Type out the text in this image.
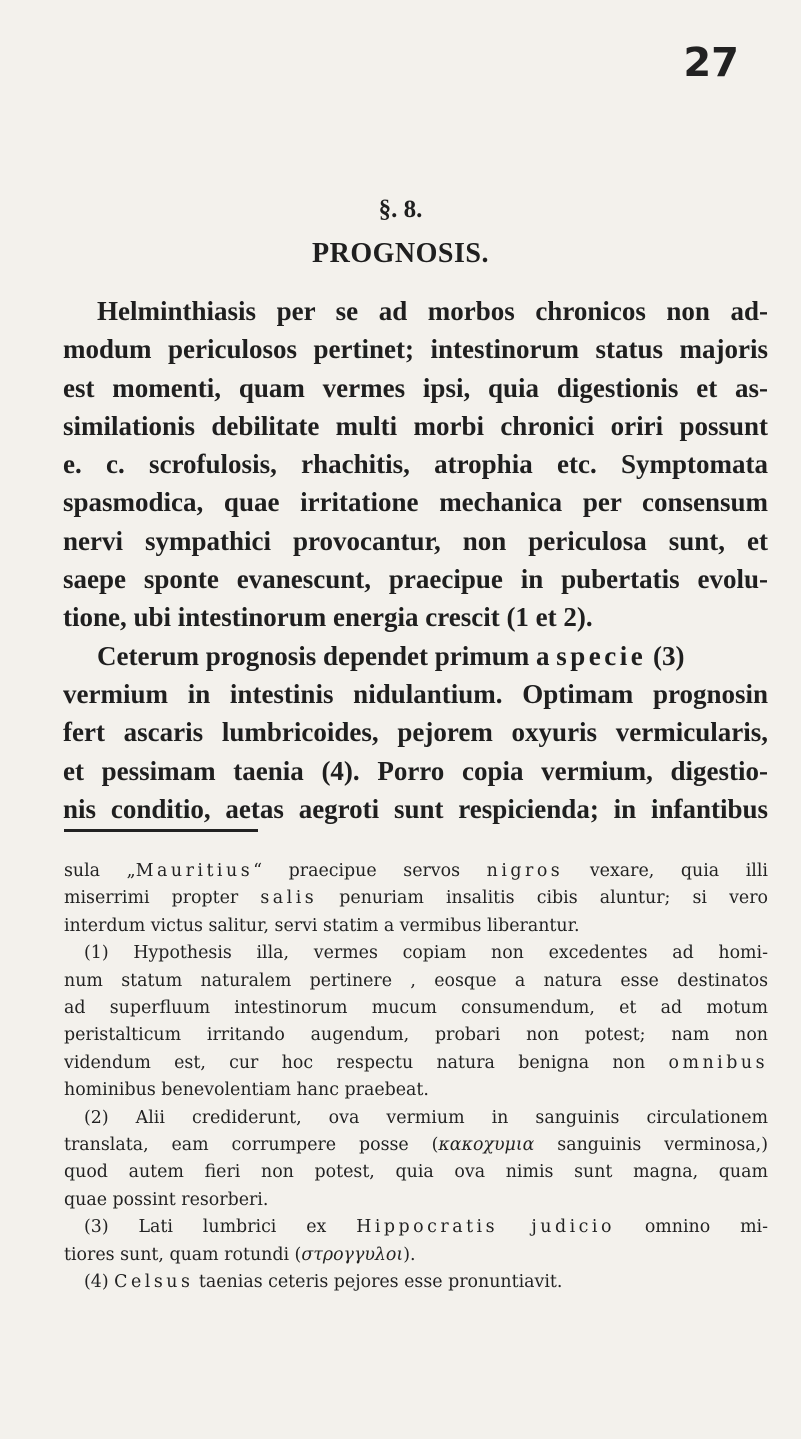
27
§. 8.
PROGNOSIS.
Helminthiasis per se ad morbos chronicos non ad-
modum periculosos pertinet; intestinorum status majoris
est momenti, quam vermes ipsi, quia digestionis et as-
similationis debilitate multi morbi chronici oriri possunt
e. c. scrofulosis, rhachitis, atrophia etc. Symptomata
spasmodica, quae irritatione mechanica per consensum
nervi sympathici provocantur, non periculosa sunt, et
saepe sponte evanescunt, praecipue in pubertatis evolu-
tione, ubi intestinorum energia crescit (1 et 2).
Ceterum prognosis dependet primum a specie (3)
vermium in intestinis nidulantium. Optimam prognosin
fert ascaris lumbricoides, pejorem oxyuris vermicularis,
et pessimam taenia (4). Porro copia vermium, digestio-
nis conditio, aetas aegroti sunt respicienda; in infantibus
sula „Mauritius“ praecipue servos nigros vexare, quia illi
miserrimi propter salis penuriam insalitis cibis aluntur; si vero
interdum victus salitur, servi statim a vermibus liberantur.
(1) Hypothesis illa, vermes copiam non excedentes ad homi-
num statum naturalem pertinere , eosque a natura esse destinatos
ad superfluum intestinorum mucum consumendum, et ad motum
peristalticum irritando augendum, probari non potest; nam non
videndum est, cur hoc respectu natura benigna non omnibus
hominibus benevolentiam hanc praebeat.
(2) Alii crediderunt, ova vermium in sanguinis circulationem
translata, eam corrumpere posse (κακοχυμια sanguinis verminosa,)
quod autem fieri non potest, quia ova nimis sunt magna, quam
quae possint resorberi.
(3) Lati lumbrici ex Hippocratis judicio omnino mi-
tiores sunt, quam rotundi (στρογγυλοι).
(4) Celsus taenias ceteris pejores esse pronuntiavit.
